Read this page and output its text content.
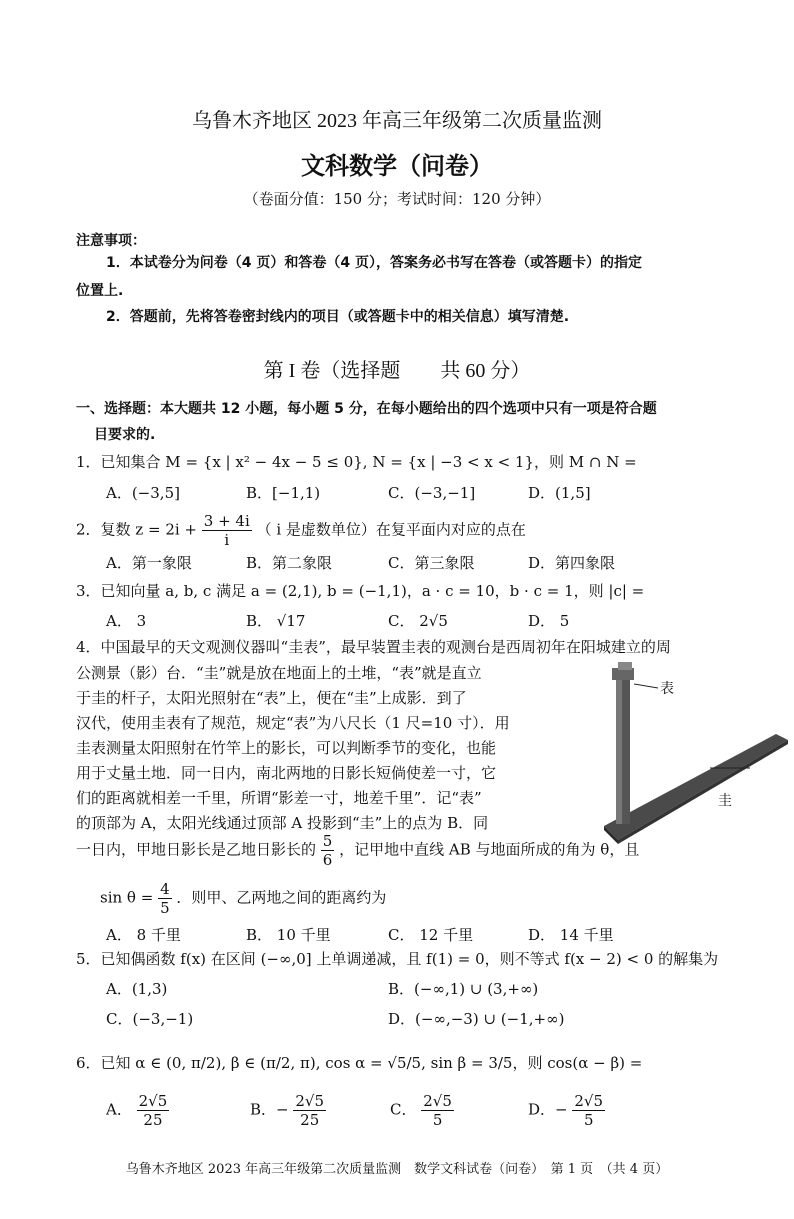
乌鲁木齐地区 2023 年高三年级第二次质量监测
文科数学（问卷）
（卷面分值：150 分；考试时间：120 分钟）
注意事项：
1．本试卷分为问卷（4 页）和答卷（4 页），答案务必书写在答卷（或答题卡）的指定
位置上.
2．答题前，先将答卷密封线内的项目（或答题卡中的相关信息）填写清楚.
第 I 卷（选择题　　共 60 分）
一、选择题：本大题共 12 小题，每小题 5 分，在每小题给出的四个选项中只有一项是符合题
目要求的.
1．已知集合 M = {x | x² − 4x − 5 ≤ 0}, N = {x | −3 < x < 1}，则 M ∩ N =
A．(−3,5]	B．[−1,1)	C．(−3,−1]	D．(1,5]
2．复数 $z = 2i + \frac{3 + 4i}{i}$ （ i 是虚数单位）在复平面内对应的点在
A．第一象限	B．第二象限	C．第三象限	D．第四象限
3．已知向量 a, b, c 满足 a = (2,1), b = (−1,1)，a · c = 10，b · c = 1，则 |c| =
A． 3	B． √17	C． 2√5	D． 5
4．中国最早的天文观测仪器叫“圭表”，最早装置圭表的观测台是西周初年在阳城建立的周
公测景（影）台．“圭”就是放在地面上的土堆，“表”就是直立
于圭的杆子，太阳光照射在“表”上，便在“圭”上成影．到了
汉代，使用圭表有了规范，规定“表”为八尺长（1 尺=10 寸）．用
圭表测量太阳照射在竹竿上的影长，可以判断季节的变化，也能
用于丈量土地．同一日内，南北两地的日影长短倘使差一寸，它
们的距离就相差一千里，所谓“影差一寸，地差千里”．记“表”
的顶部为 A，太阳光线通过顶部 A 投影到“圭”上的点为 B．同
一日内，甲地日影长是乙地日影长的 $\frac{5}{6}$ ，记甲地中直线 AB 与地面所成的角为 θ，且
$\sin \theta = \frac{4}{5}$ ．则甲、乙两地之间的距离约为
A． 8 千里	B． 10 千里	C． 12 千里	D． 14 千里
表
圭
5．已知偶函数 f(x) 在区间 (−∞,0] 上单调递减，且 f(1) = 0，则不等式 f(x − 2) < 0 的解集为
A．(1,3)	B．(−∞,1) ∪ (3,+∞)
C．(−3,−1)	D．(−∞,−3) ∪ (−1,+∞)
6．已知 α ∈ (0, π/2), β ∈ (π/2, π), cos α = √5/5, sin β = 3/5，则 cos(α − β) =
A． $\frac{2√5}{25}$	B．− $\frac{2√5}{25}$	C． $\frac{2√5}{5}$	D．− $\frac{2√5}{5}$
乌鲁木齐地区 2023 年高三年级第二次质量监测　数学文科试卷（问卷）　第 1 页　（共 4 页）
